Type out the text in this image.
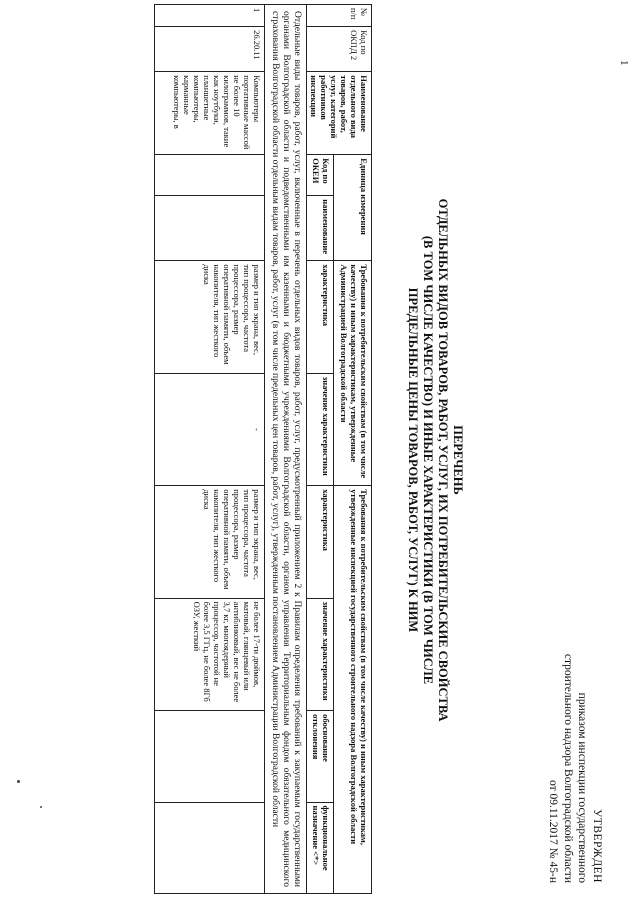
1
УТВЕРЖДЕН
приказом инспекции государственного
строительного надзора Волгоградской области
от 09.11.2017 № 45-н
ПЕРЕЧЕНЬ
ОТДЕЛЬНЫХ ВИДОВ ТОВАРОВ, РАБОТ, УСЛУГ, ИХ ПОТРЕБИТЕЛЬСКИЕ СВОЙСТВА
(В ТОМ ЧИСЛЕ КАЧЕСТВО) И ИНЫЕ ХАРАКТЕРИСТИКИ (В ТОМ ЧИСЛЕ
ПРЕДЕЛЬНЫЕ ЦЕНЫ ТОВАРОВ, РАБОТ, УСЛУГ) К НИМ
№ п/п	Код по ОКПД 2	Наименование отдельного вида товаров, работ, услуг, категорий работников инспекции	Единица измерения		Требования к потребительским свойствам (в том числе качеству) и иным характеристикам, утвержденные Администрацией Волгоградской области		Требования к потребительским свойствам (в том числе качеству) и иным характеристикам, утвержденные инспекцией государственного строительного надзора Волгоградской области			
			Код по ОКЕИ	наименование	характеристика	значение характеристики	характеристика	значение характеристики	обоснование отклонения	функциональное назначение <*>
Отдельные виды товаров, работ, услуг, включенные в перечень отдельных видов товаров, работ, услуг, предусмотренный приложением 2 к Правилам определения требований к закупаемым государственными органами Волгоградской области и подведомственными им казенными и бюджетными учреждениями Волгоградской области, органом управления Территориальным фондом обязательного медицинского страхования Волгоградской области отдельным видам товаров, работ, услуг (в том числе предельных цен товаров, работ, услуг), утвержденным постановлением Администрации Волгоградской области										
1	26.20.11	Компьютеры портативные массой не более 10 килограммов, такие как ноутбуки, планшетные компьютеры, карманные компьютеры, в			размер и тип экрана, вес, тип процессора, частота процессора, размер оперативной памяти, объем накопителя, тип жесткого диска	-	размер и тип экрана, вес, тип процессора, частота процессора, размер оперативной памяти, объем накопителя, тип жесткого диска	не более 17-ти дюймов, матовый, глянцевый или антибликовый, вес не более 3,7 кг, многоядерный процессор, частотой не более 3,5 ГГц, не более 8Гб ОЗУ, жесткий		
